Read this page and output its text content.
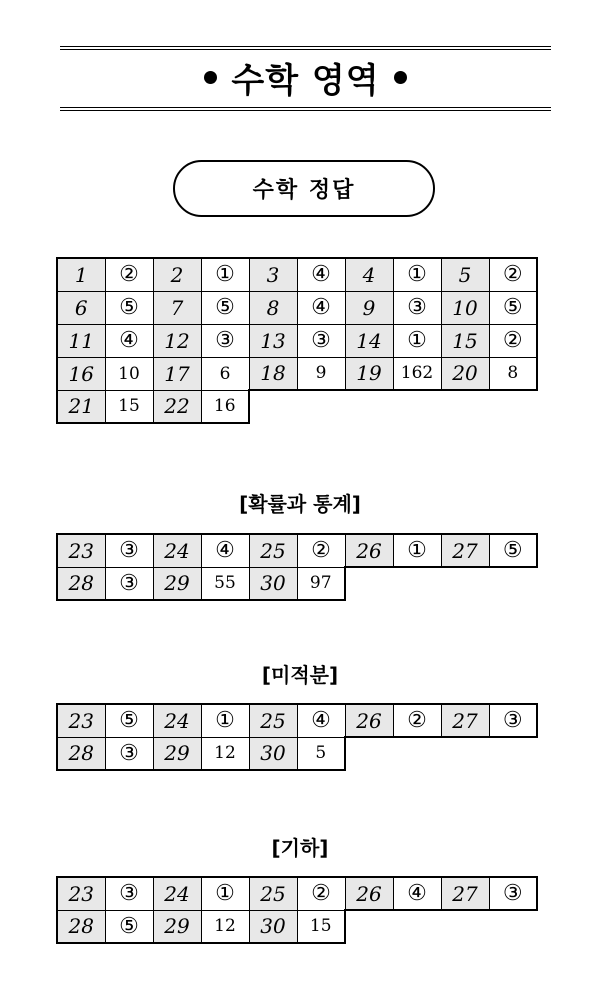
수학 영역
수학 정답
1	②	2	①	3	④	4	①	5	②
6	⑤	7	⑤	8	④	9	③	10	⑤
11	④	12	③	13	③	14	①	15	②
16	10	17	6	18	9	19	162	20	8
21	15	22	16						
[확률과 통계]
23	③	24	④	25	②	26	①	27	⑤
28	③	29	55	30	97				
[미적분]
23	⑤	24	①	25	④	26	②	27	③
28	③	29	12	30	5				
[기하]
23	③	24	①	25	②	26	④	27	③
28	⑤	29	12	30	15				
